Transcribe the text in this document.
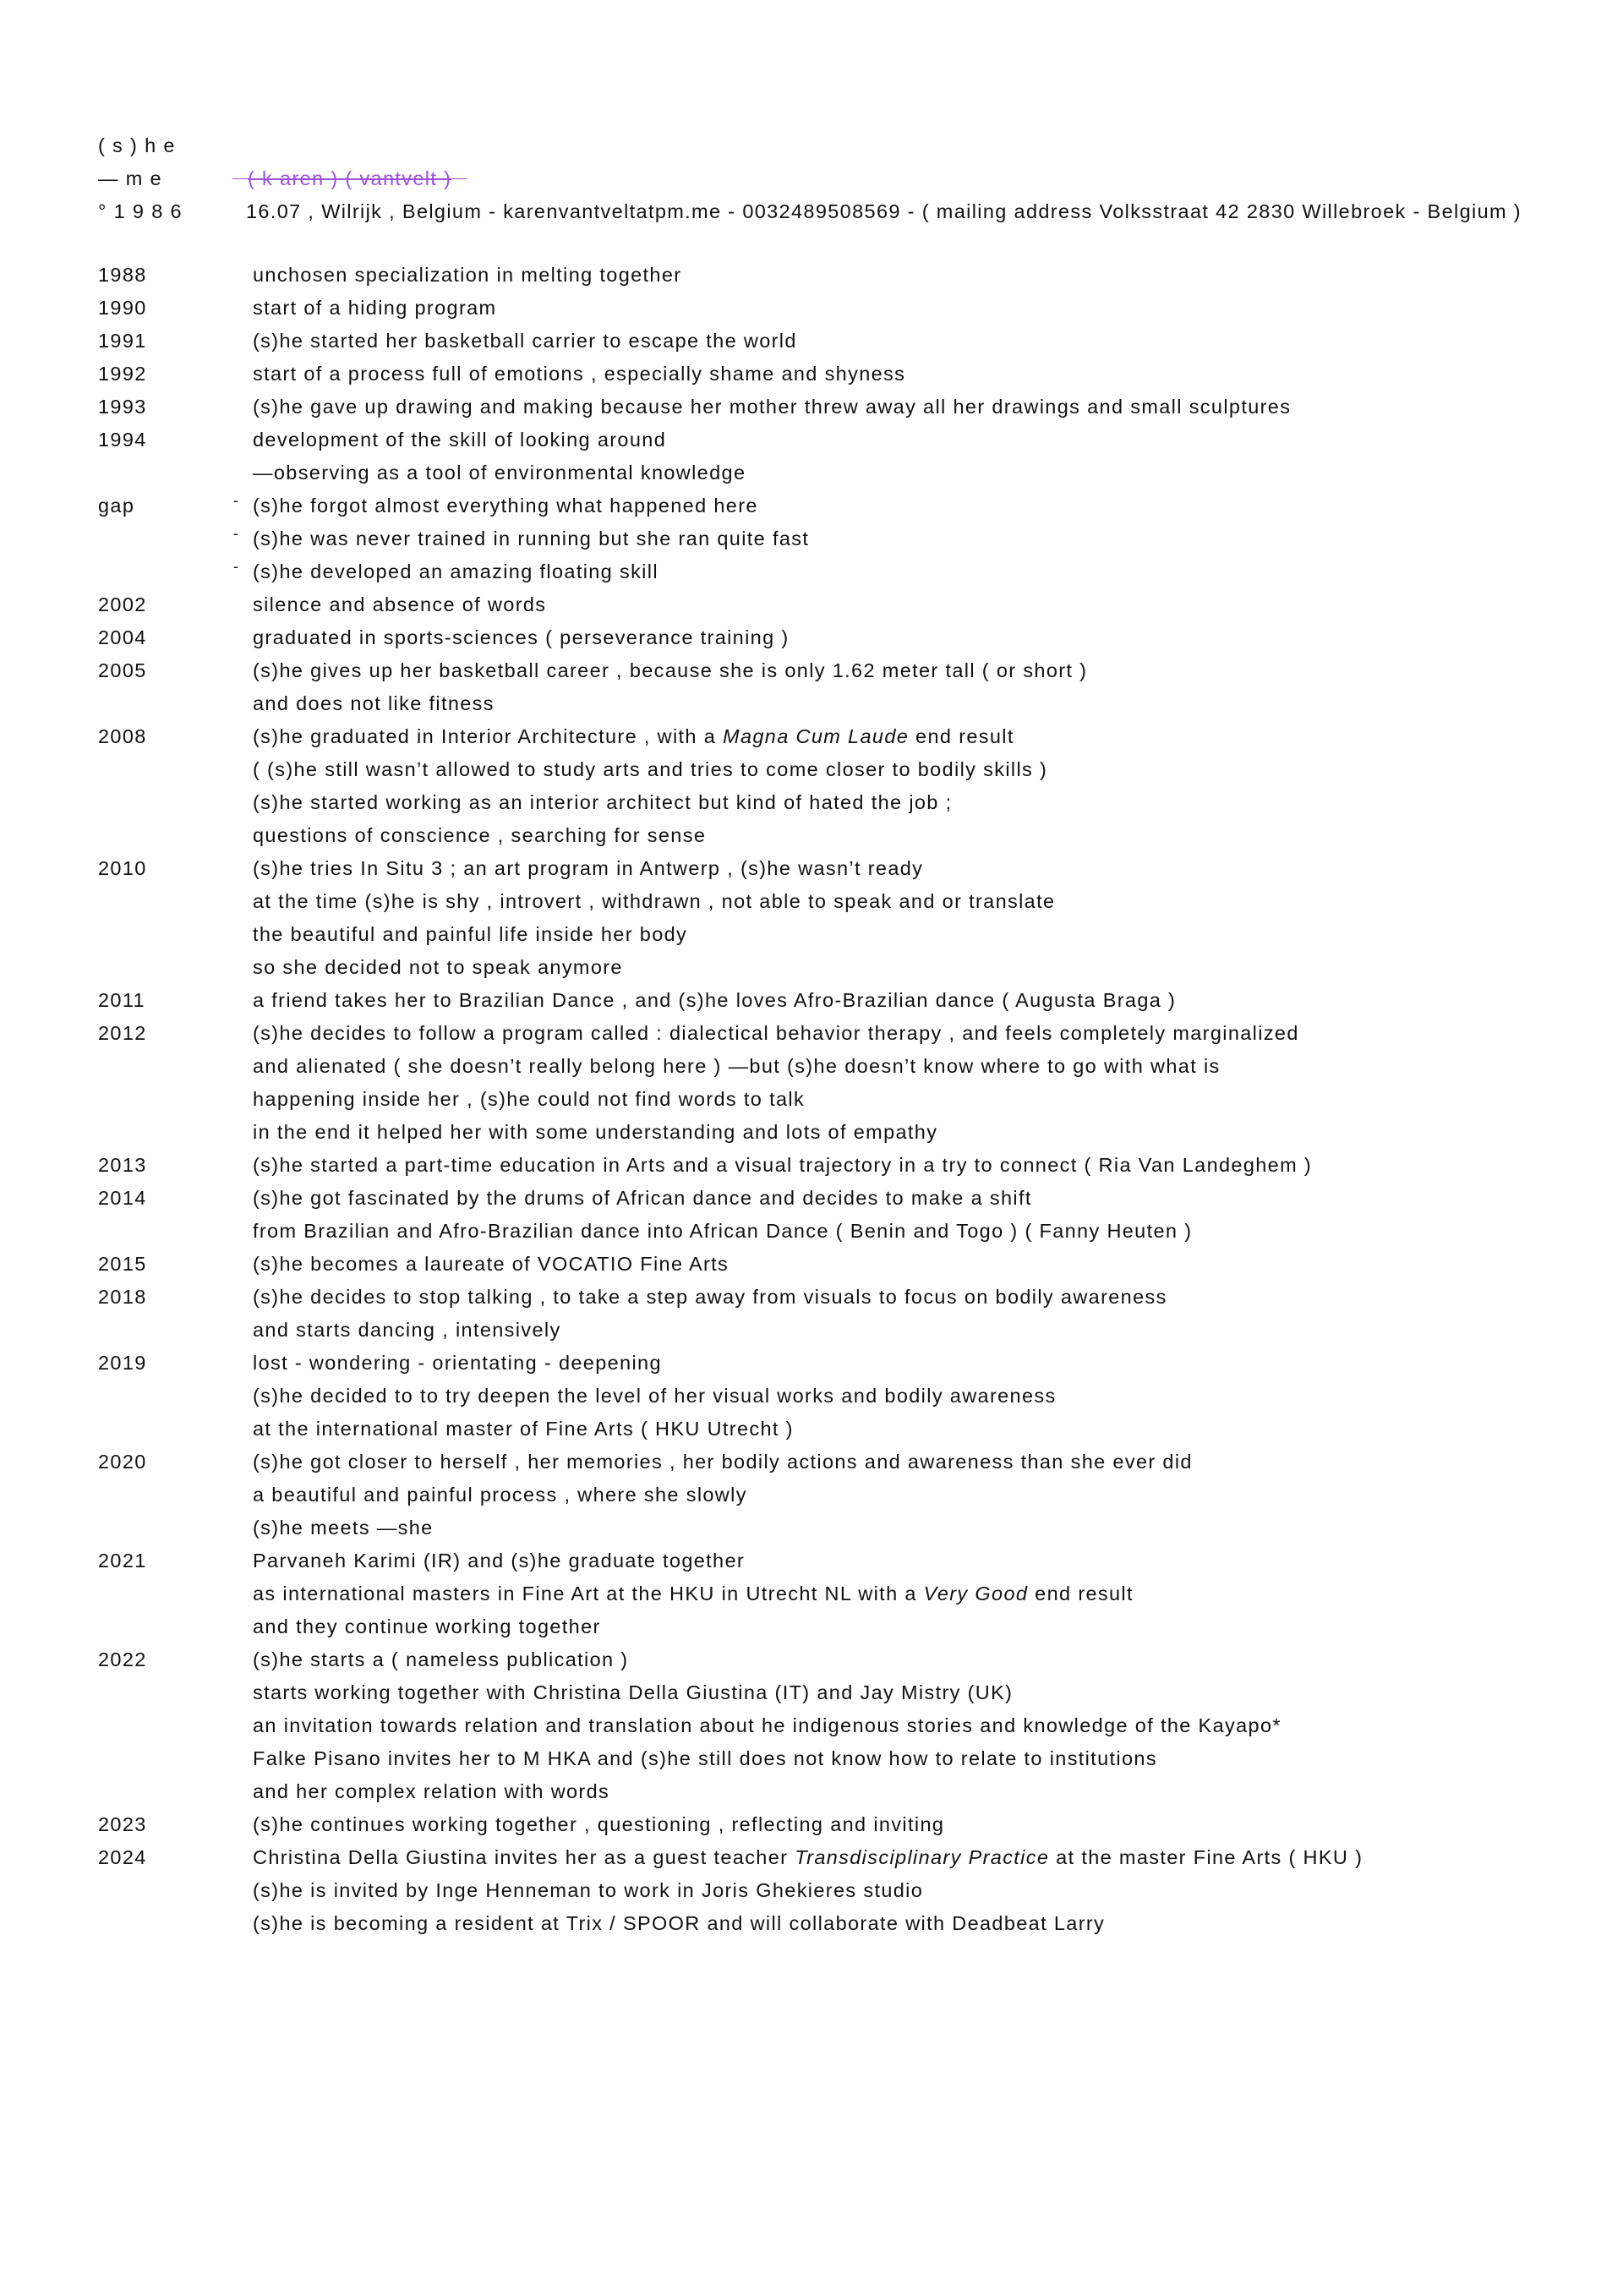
( s ) h e
— m e	( k aren ) ( vantvelt )
° 1 9 8 6	16.07 , Wilrijk , Belgium - karenvantveltatpm.me - 0032489508569 - ( mailing address Volksstraat 42 2830 Willebroek - Belgium )
1988	unchosen specialization in melting together
1990	start of a hiding program
1991	(s)he started her basketball carrier to escape the world
1992	start of a process full of emotions , especially shame and shyness
1993	(s)he gave up drawing and making because her mother threw away all her drawings and small sculptures
1994	development of the skill of looking around
—observing as a tool of environmental knowledge
gap	- (s)he forgot almost everything what happened here
- (s)he was never trained in running but she ran quite fast
- (s)he developed an amazing floating skill
2002	silence and absence of words
2004	graduated in sports-sciences ( perseverance training )
2005	(s)he gives up her basketball career , because she is only 1.62 meter tall ( or short )
and does not like fitness
2008	(s)he graduated in Interior Architecture , with a Magna Cum Laude end result
( (s)he still wasn’t allowed to study arts and tries to come closer to bodily skills )
(s)he started working as an interior architect but kind of hated the job ;
questions of conscience , searching for sense
2010	(s)he tries In Situ 3 ; an art program in Antwerp , (s)he wasn’t ready
at the time (s)he is shy , introvert , withdrawn , not able to speak and or translate
the beautiful and painful life inside her body
so she decided not to speak anymore
2011	a friend takes her to Brazilian Dance , and (s)he loves Afro-Brazilian dance ( Augusta Braga )
2012	(s)he decides to follow a program called : dialectical behavior therapy , and feels completely marginalized
and alienated ( she doesn’t really belong here ) —but (s)he doesn’t know where to go with what is
happening inside her , (s)he could not find words to talk
in the end it helped her with some understanding and lots of empathy
2013	(s)he started a part-time education in Arts and a visual trajectory in a try to connect ( Ria Van Landeghem )
2014	(s)he got fascinated by the drums of African dance and decides to make a shift
from Brazilian and Afro-Brazilian dance into African Dance ( Benin and Togo ) ( Fanny Heuten )
2015	(s)he becomes a laureate of VOCATIO Fine Arts
2018	(s)he decides to stop talking , to take a step away from visuals to focus on bodily awareness
and starts dancing , intensively
2019	lost - wondering - orientating - deepening
(s)he decided to to try deepen the level of her visual works and bodily awareness
at the international master of Fine Arts ( HKU Utrecht )
2020	(s)he got closer to herself , her memories , her bodily actions and awareness than she ever did
a beautiful and painful process , where she slowly
(s)he meets —she
2021	Parvaneh Karimi (IR) and (s)he graduate together
as international masters in Fine Art at the HKU in Utrecht NL with a Very Good end result
and they continue working together
2022	(s)he starts a ( nameless publication )
starts working together with Christina Della Giustina (IT) and Jay Mistry (UK)
an invitation towards relation and translation about he indigenous stories and knowledge of the Kayapo*
Falke Pisano invites her to M HKA and (s)he still does not know how to relate to institutions
and her complex relation with words
2023	(s)he continues working together , questioning , reflecting and inviting
2024	Christina Della Giustina invites her as a guest teacher Transdisciplinary Practice at the master Fine Arts ( HKU )
(s)he is invited by Inge Henneman to work in Joris Ghekieres studio
(s)he is becoming a resident at Trix / SPOOR and will collaborate with Deadbeat Larry
